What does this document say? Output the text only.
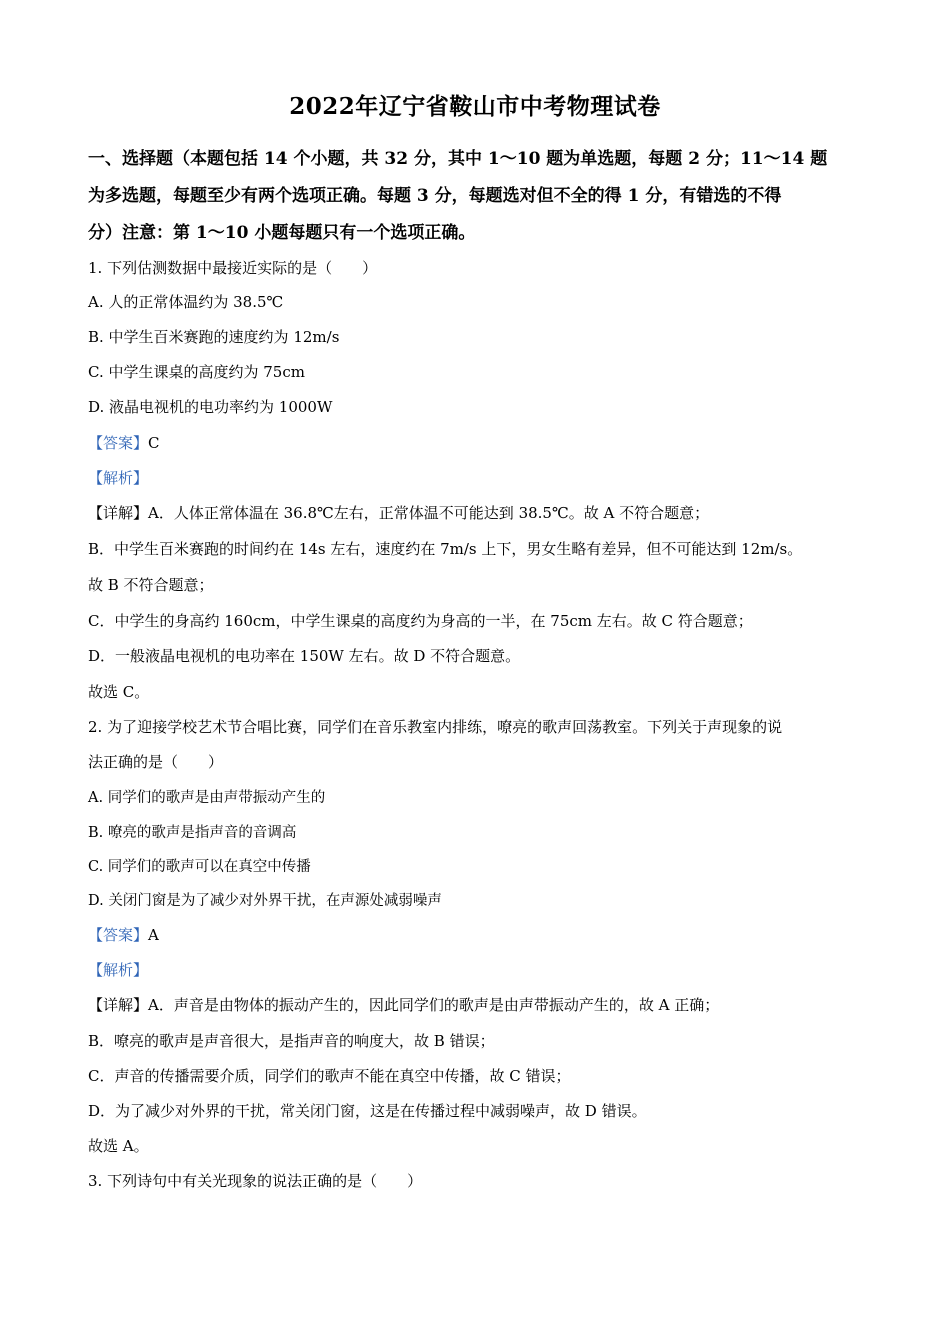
2022年辽宁省鞍山市中考物理试卷
一、选择题（本题包括 14 个小题，共 32 分，其中 1～10 题为单选题，每题 2 分；11～14 题
为多选题，每题至少有两个选项正确。每题 3 分，每题选对但不全的得 1 分，有错选的不得
分）注意：第 1～10 小题每题只有一个选项正确。
1. 下列估测数据中最接近实际的是（　　）
A. 人的正常体温约为 38.5℃
B. 中学生百米赛跑的速度约为 12m/s
C. 中学生课桌的高度约为 75cm
D. 液晶电视机的电功率约为 1000W
【答案】C
【解析】
【详解】A．人体正常体温在 36.8℃左右，正常体温不可能达到 38.5℃。故 A 不符合题意；
B．中学生百米赛跑的时间约在 14s 左右，速度约在 7m/s 上下，男女生略有差异，但不可能达到 12m/s。
故 B 不符合题意；
C．中学生的身高约 160cm，中学生课桌的高度约为身高的一半，在 75cm 左右。故 C 符合题意；
D．一般液晶电视机的电功率在 150W 左右。故 D 不符合题意。
故选 C。
2. 为了迎接学校艺术节合唱比赛，同学们在音乐教室内排练，嘹亮的歌声回荡教室。下列关于声现象的说
法正确的是（　　）
A. 同学们的歌声是由声带振动产生的
B. 嘹亮的歌声是指声音的音调高
C. 同学们的歌声可以在真空中传播
D. 关闭门窗是为了减少对外界干扰，在声源处减弱噪声
【答案】A
【解析】
【详解】A．声音是由物体的振动产生的，因此同学们的歌声是由声带振动产生的，故 A 正确；
B．嘹亮的歌声是声音很大，是指声音的响度大，故 B 错误；
C．声音的传播需要介质，同学们的歌声不能在真空中传播，故 C 错误；
D．为了减少对外界的干扰，常关闭门窗，这是在传播过程中减弱噪声，故 D 错误。
故选 A。
3. 下列诗句中有关光现象的说法正确的是（　　）
